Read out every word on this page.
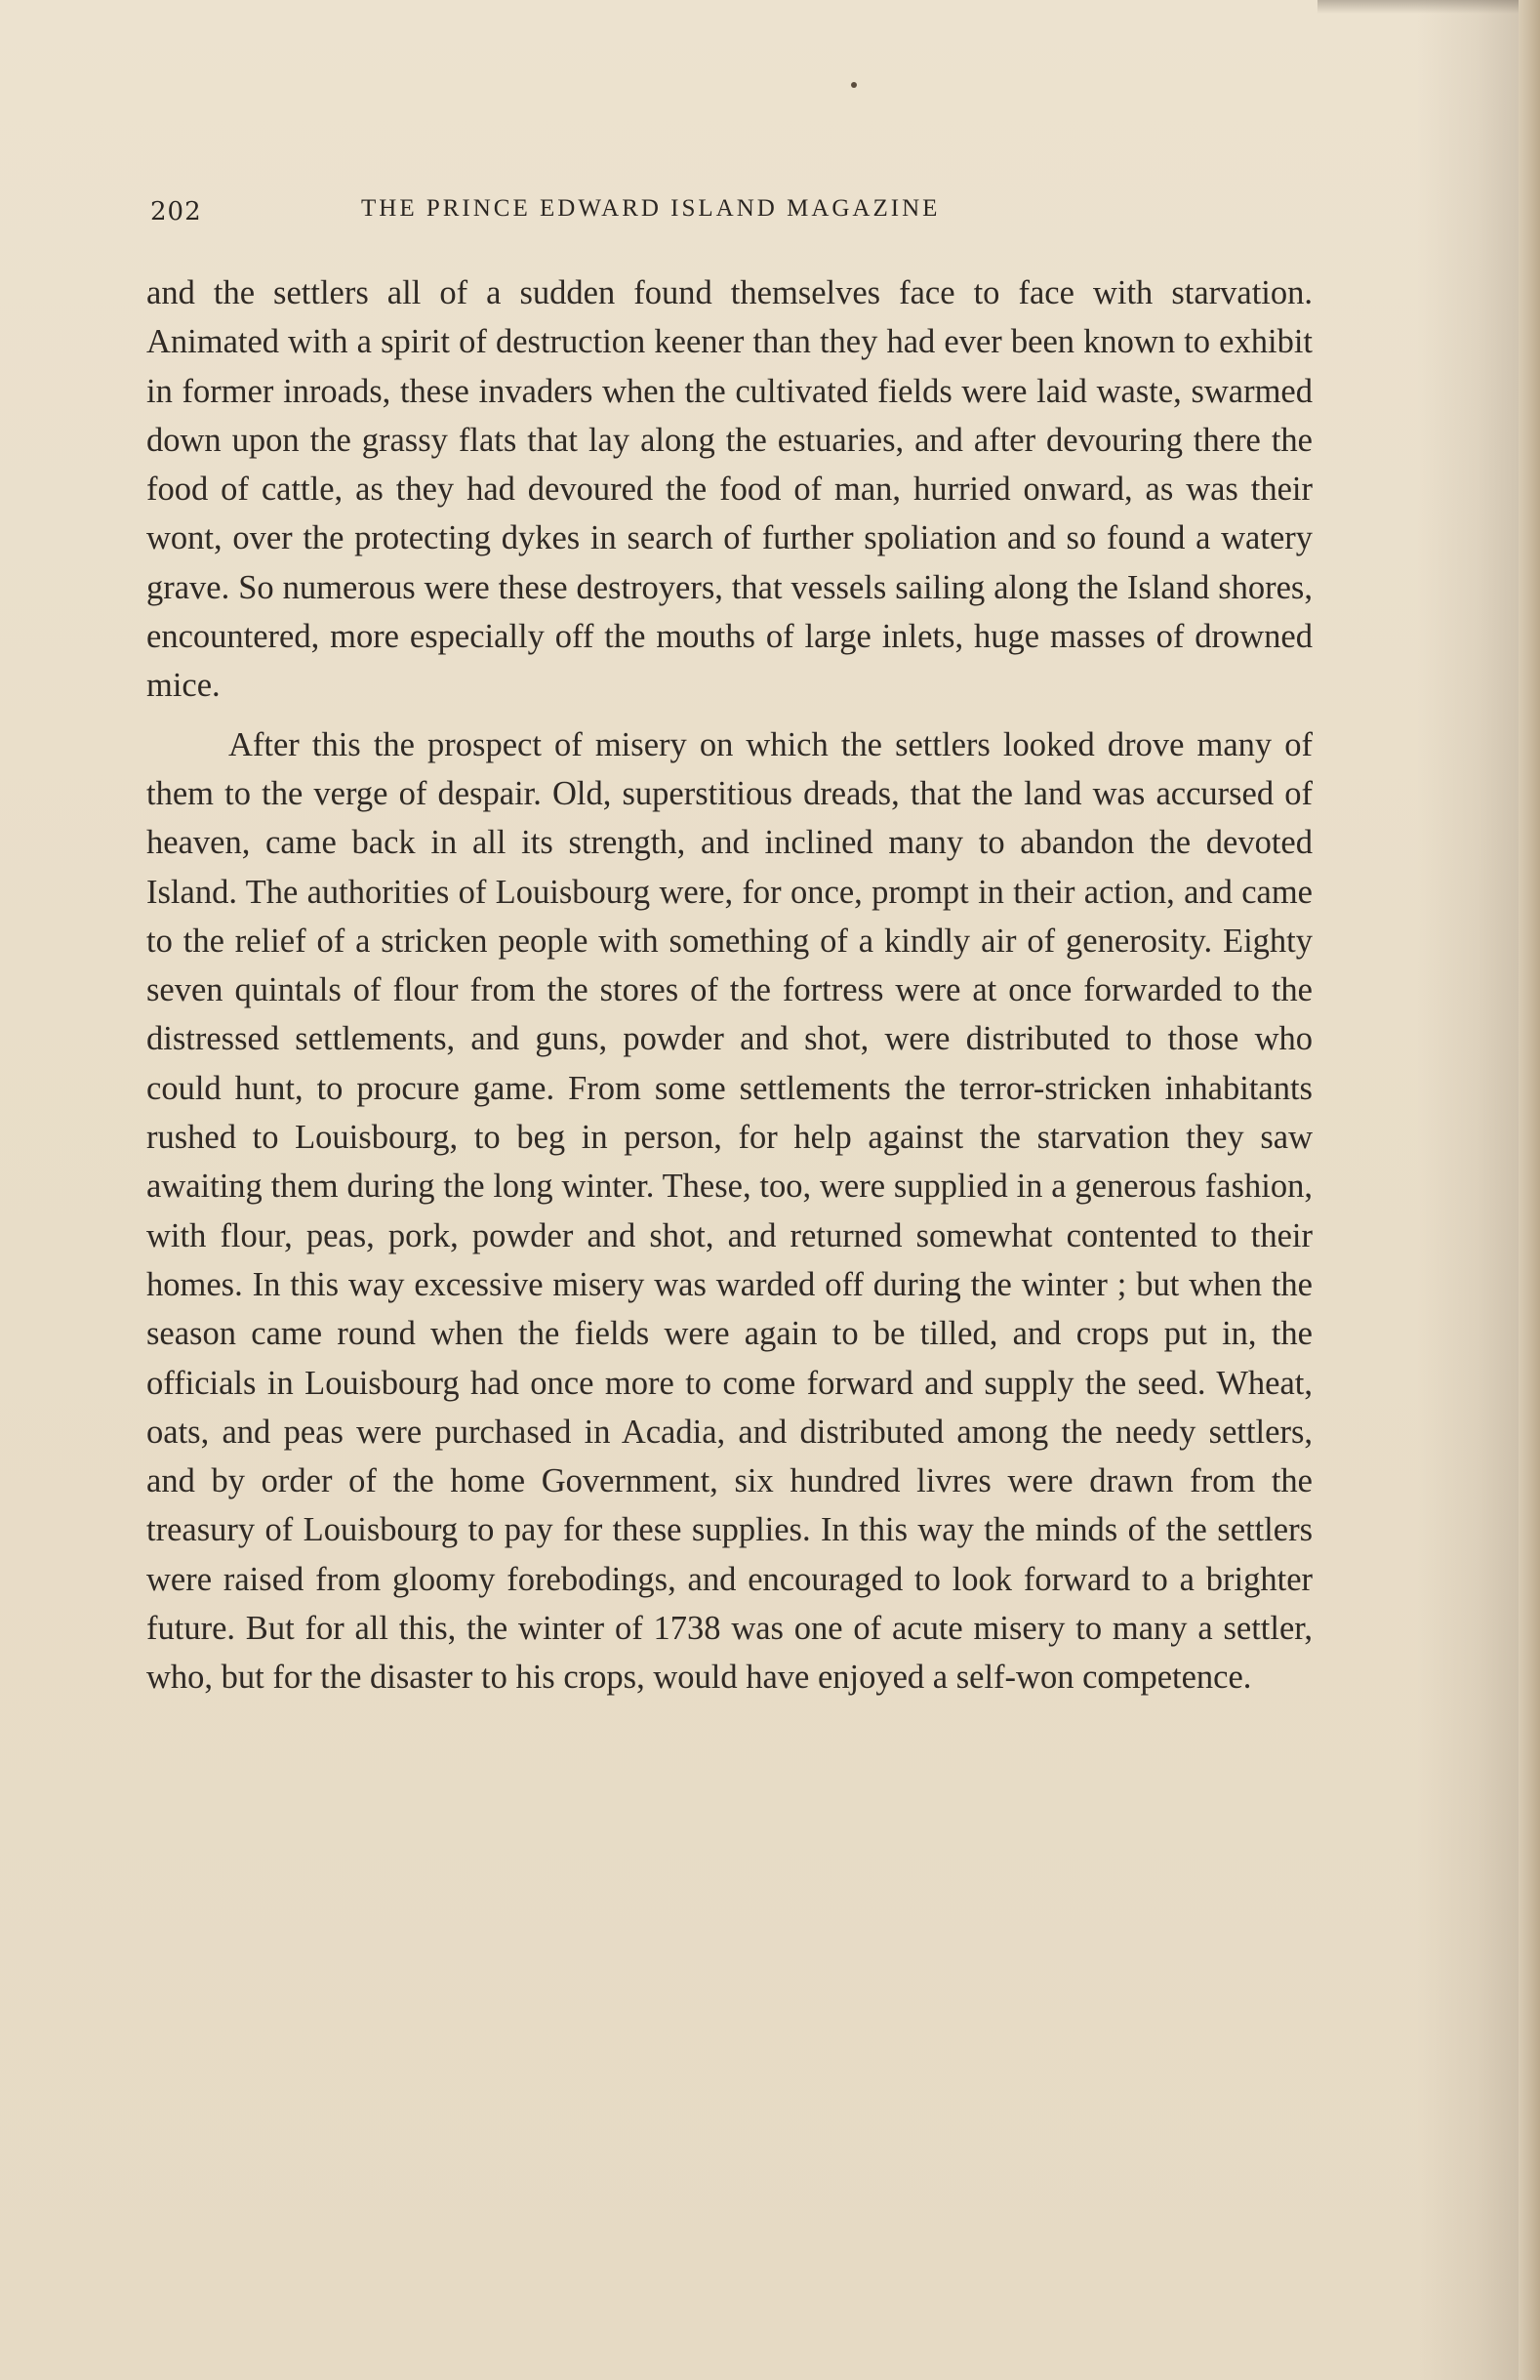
202	THE PRINCE EDWARD ISLAND MAGAZINE

and the settlers all of a sudden found themselves face to face with starvation. Animated with a spirit of destruction keener than they had ever been known to exhibit in former inroads, these invaders when the cultivated fields were laid waste, swarmed down upon the grassy flats that lay along the estuaries, and after devouring there the food of cattle, as they had devoured the food of man, hurried onward, as was their wont, over the protecting dykes in search of further spoliation and so found a watery grave. So numerous were these destroyers, that vessels sailing along the Island shores, encountered, more especially off the mouths of large inlets, huge masses of drowned mice.

After this the prospect of misery on which the settlers looked drove many of them to the verge of despair. Old, superstitious dreads, that the land was accursed of heaven, came back in all its strength, and inclined many to abandon the devoted Island. The authorities of Louisbourg were, for once, prompt in their action, and came to the relief of a stricken people with something of a kindly air of generosity. Eighty seven quintals of flour from the stores of the fortress were at once forwarded to the distressed settlements, and guns, powder and shot, were distributed to those who could hunt, to procure game. From some settlements the terror-stricken inhabitants rushed to Louisbourg, to beg in person, for help against the starvation they saw awaiting them during the long winter. These, too, were supplied in a generous fashion, with flour, peas, pork, powder and shot, and returned somewhat contented to their homes. In this way excessive misery was warded off during the winter ; but when the season came round when the fields were again to be tilled, and crops put in, the officials in Louisbourg had once more to come forward and supply the seed. Wheat, oats, and peas were purchased in Acadia, and distributed among the needy settlers, and by order of the home Government, six hundred livres were drawn from the treasury of Louisbourg to pay for these supplies. In this way the minds of the settlers were raised from gloomy forebodings, and encouraged to look forward to a brighter future. But for all this, the winter of 1738 was one of acute misery to many a settler, who, but for the disaster to his crops, would have enjoyed a self-won competence.
